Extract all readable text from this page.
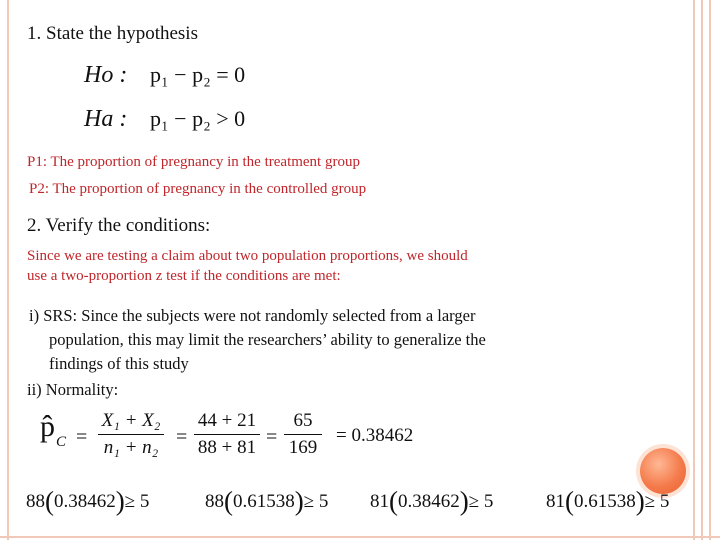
1. State the hypothesis
Ho : p₁ − p₂ = 0
Ha : p₁ − p₂ > 0
P1: The proportion of pregnancy in the treatment group
P2: The proportion of pregnancy in the controlled group
2. Verify the conditions:
Since we are testing a claim about two population proportions, we should
use a two-proportion z test if the conditions are met:
i) SRS: Since the subjects were not randomly selected from a larger
population, this may limit the researchers’ ability to generalize the
findings of this study
ii) Normality:
p̂ C =
X₁ + X₂
n₁ + n₂ =
44 + 21
88 + 81 =
65
169
= 0.38462
88(0.38462)≥ 5	88(0.61538)≥ 5 81(0.38462)≥ 5	81(0.61538)≥ 5
